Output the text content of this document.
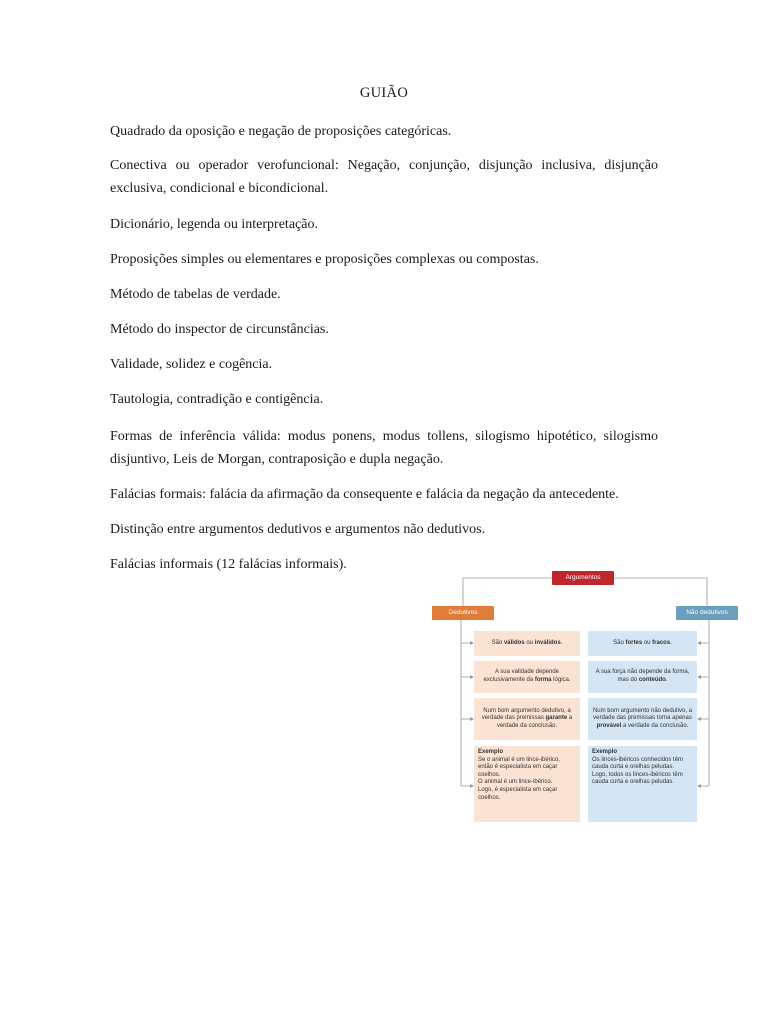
GUIÃO
Quadrado da oposição e negação de proposições categóricas.
Conectiva ou operador verofuncional: Negação, conjunção, disjunção inclusiva, disjunção exclusiva, condicional e bicondicional.
Dicionário, legenda ou interpretação.
Proposições simples ou elementares e proposições complexas ou compostas.
Método de tabelas de verdade.
Método do inspector de circunstâncias.
Validade, solidez e cogência.
Tautologia, contradição e contigência.
Formas de inferência válida: modus ponens, modus tollens, silogismo hipotético, silogismo disjuntivo, Leis de Morgan, contraposição e dupla negação.
Falácias formais: falácia da afirmação da consequente e falácia da negação da antecedente.
Distinção entre argumentos dedutivos e argumentos não dedutivos.
Falácias informais (12 falácias informais).
Argumentos
Dedutivos	Não dedutivos
São válidos ou inválidos.
A sua validade depende exclusivamente da forma lógica.
Num bom argumento dedutivo, a verdade das premissas garante a verdade da conclusão.
Exemplo
Se o animal é um lince-ibérico, então é especialista em caçar coelhos.
O animal é um lince-ibérico.
Logo, é especialista em caçar coelhos.
São fortes ou fracos.
A sua força não depende da forma, mas do conteúdo.
Num bom argumento não dedutivo, a verdade das premissas torna apenas provável a verdade da conclusão.
Exemplo
Os linces-ibéricos conhecidos têm cauda curta e orelhas peludas.
Logo, todos os linces-ibéricos têm cauda curta e orelhas peludas.
